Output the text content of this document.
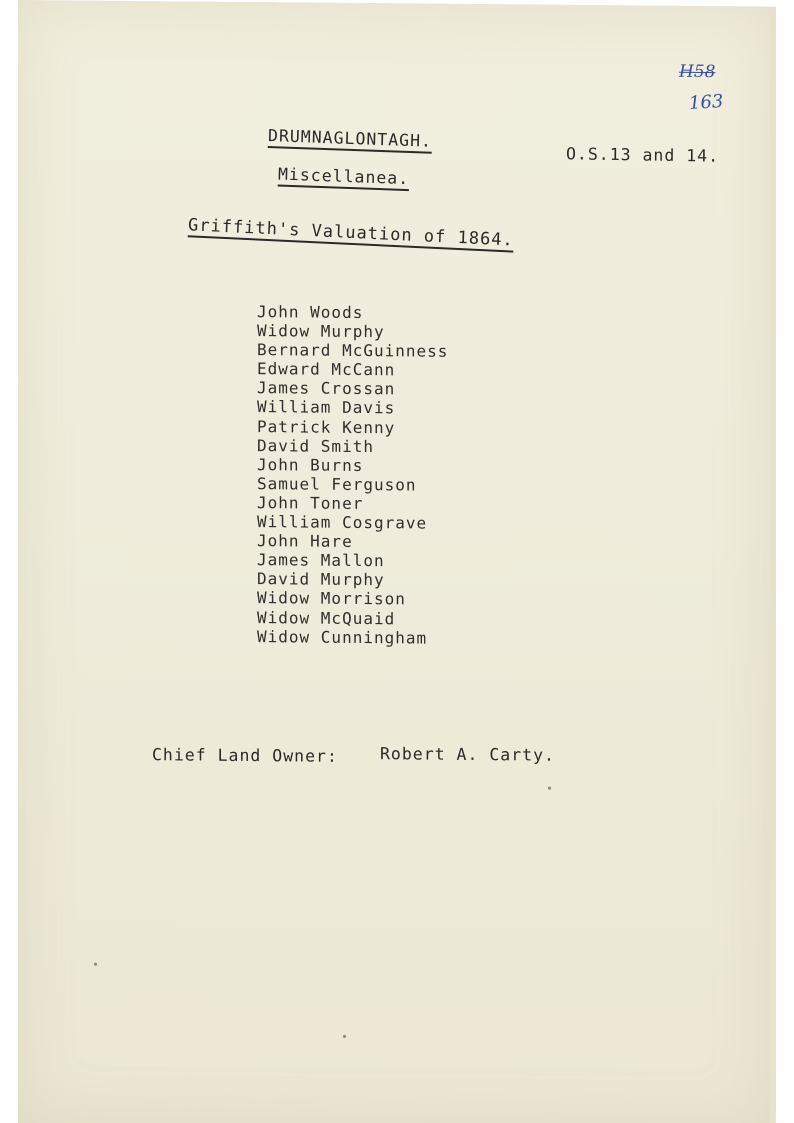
H58
163
DRUMNAGLONTAGH.
O.S.13 and 14.
Miscellanea.
Griffith's Valuation of 1864.
John Woods
Widow Murphy
Bernard McGuinness
Edward McCann
James Crossan
William Davis
Patrick Kenny
David Smith
John Burns
Samuel Ferguson
John Toner
William Cosgrave
John Hare
James Mallon
David Murphy
Widow Morrison
Widow McQuaid
Widow Cunningham
Chief Land Owner:	Robert A. Carty.
